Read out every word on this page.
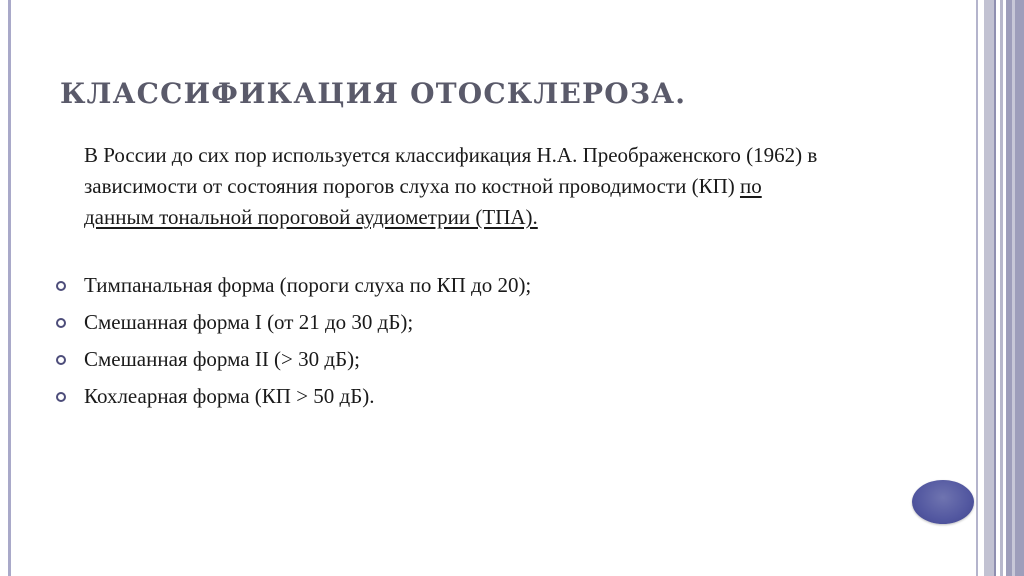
КЛАССИФИКАЦИЯ ОТОСКЛЕРОЗА.

В России до сих пор используется классификация Н.А. Преображенского (1962) в зависимости от состояния порогов слуха по костной проводимости (КП) по данным тональной пороговой аудиометрии (ТПА).

Тимпанальная форма (пороги слуха по КП до 20);
Смешанная форма I (от 21 до 30 дБ);
Смешанная форма II (> 30 дБ);
Кохлеарная форма (КП > 50 дБ).
